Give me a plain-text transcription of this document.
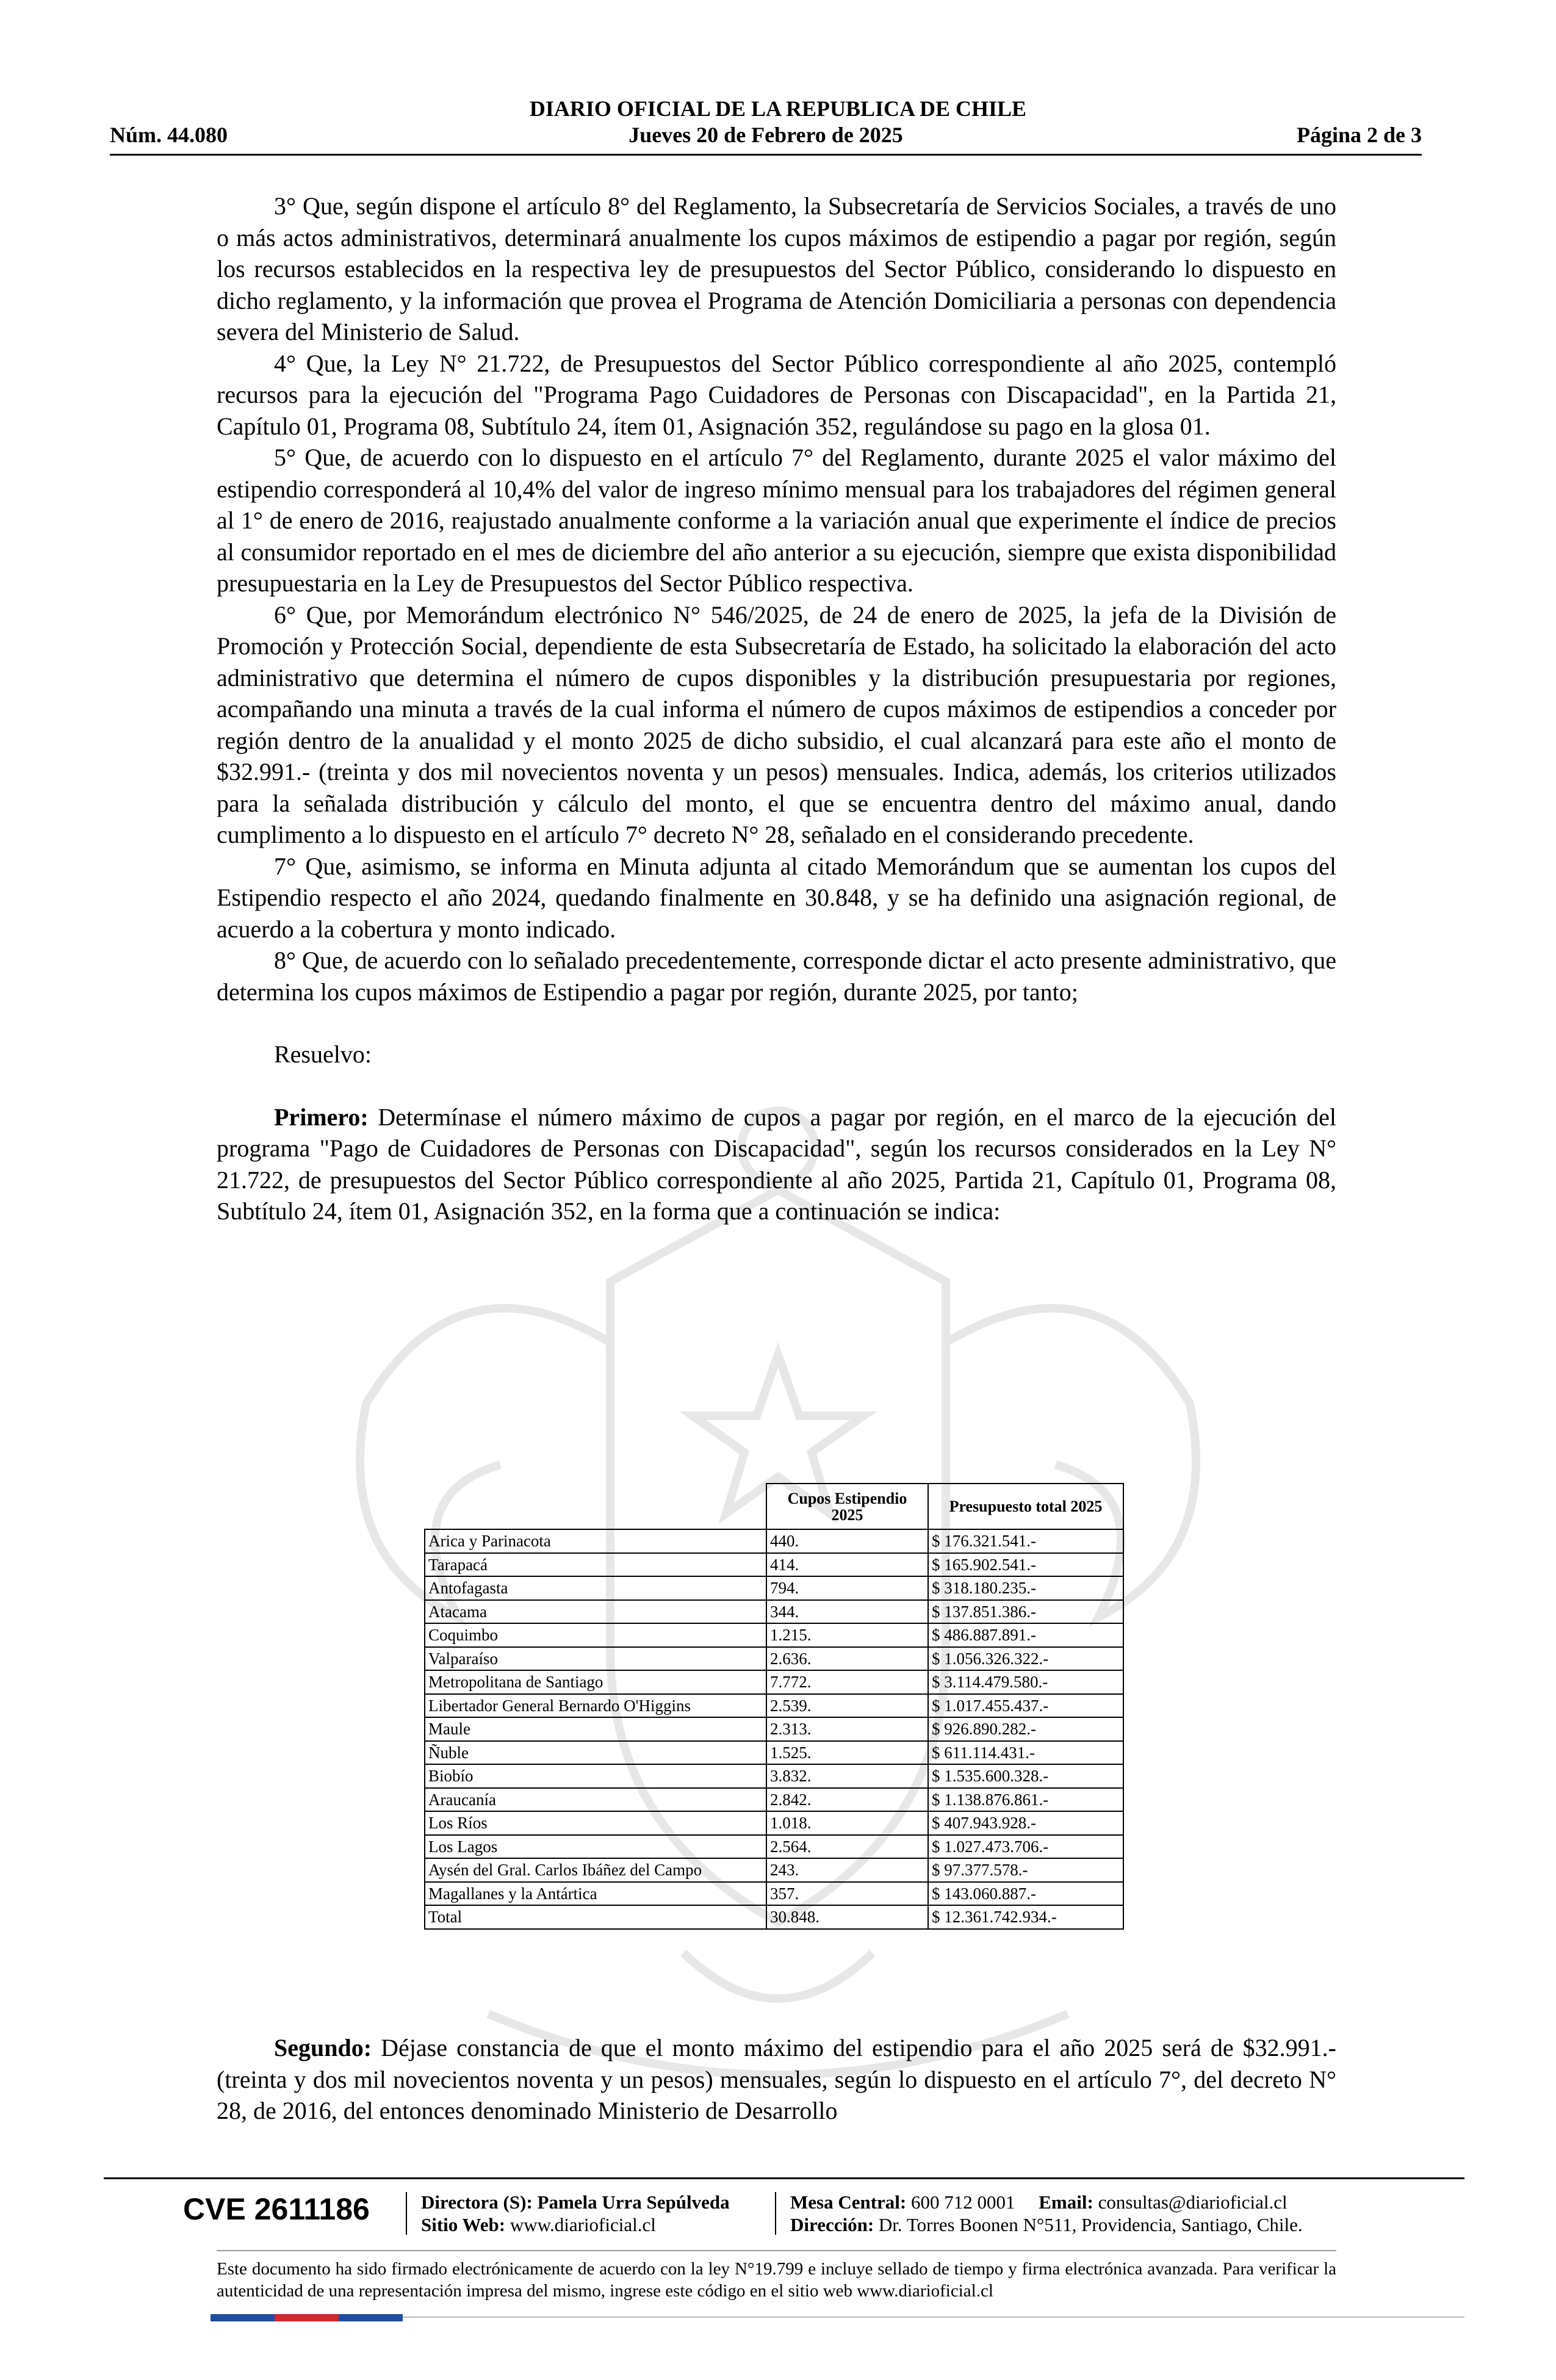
DIARIO OFICIAL DE LA REPUBLICA DE CHILE
Jueves 20 de Febrero de 2025
Núm. 44.080	Página 2 de 3

3° Que, según dispone el artículo 8° del Reglamento, la Subsecretaría de Servicios Sociales, a través de uno o más actos administrativos, determinará anualmente los cupos máximos de estipendio a pagar por región, según los recursos establecidos en la respectiva ley de presupuestos del Sector Público, considerando lo dispuesto en dicho reglamento, y la información que provea el Programa de Atención Domiciliaria a personas con dependencia severa del Ministerio de Salud.

4° Que, la Ley N° 21.722, de Presupuestos del Sector Público correspondiente al año 2025, contempló recursos para la ejecución del "Programa Pago Cuidadores de Personas con Discapacidad", en la Partida 21, Capítulo 01, Programa 08, Subtítulo 24, ítem 01, Asignación 352, regulándose su pago en la glosa 01.

5° Que, de acuerdo con lo dispuesto en el artículo 7° del Reglamento, durante 2025 el valor máximo del estipendio corresponderá al 10,4% del valor de ingreso mínimo mensual para los trabajadores del régimen general al 1° de enero de 2016, reajustado anualmente conforme a la variación anual que experimente el índice de precios al consumidor reportado en el mes de diciembre del año anterior a su ejecución, siempre que exista disponibilidad presupuestaria en la Ley de Presupuestos del Sector Público respectiva.

6° Que, por Memorándum electrónico N° 546/2025, de 24 de enero de 2025, la jefa de la División de Promoción y Protección Social, dependiente de esta Subsecretaría de Estado, ha solicitado la elaboración del acto administrativo que determina el número de cupos disponibles y la distribución presupuestaria por regiones, acompañando una minuta a través de la cual informa el número de cupos máximos de estipendios a conceder por región dentro de la anualidad y el monto 2025 de dicho subsidio, el cual alcanzará para este año el monto de $32.991.- (treinta y dos mil novecientos noventa y un pesos) mensuales. Indica, además, los criterios utilizados para la señalada distribución y cálculo del monto, el que se encuentra dentro del máximo anual, dando cumplimento a lo dispuesto en el artículo 7° decreto N° 28, señalado en el considerando precedente.

7° Que, asimismo, se informa en Minuta adjunta al citado Memorándum que se aumentan los cupos del Estipendio respecto el año 2024, quedando finalmente en 30.848, y se ha definido una asignación regional, de acuerdo a la cobertura y monto indicado.

8° Que, de acuerdo con lo señalado precedentemente, corresponde dictar el acto presente administrativo, que determina los cupos máximos de Estipendio a pagar por región, durante 2025, por tanto;

Resuelvo:

Primero: Determínase el número máximo de cupos a pagar por región, en el marco de la ejecución del programa "Pago de Cuidadores de Personas con Discapacidad", según los recursos considerados en la Ley N° 21.722, de presupuestos del Sector Público correspondiente al año 2025, Partida 21, Capítulo 01, Programa 08, Subtítulo 24, ítem 01, Asignación 352, en la forma que a continuación se indica:

	Cupos Estipendio 2025	Presupuesto total 2025
Arica y Parinacota	440.	$ 176.321.541.-
Tarapacá	414.	$ 165.902.541.-
Antofagasta	794.	$ 318.180.235.-
Atacama	344.	$ 137.851.386.-
Coquimbo	1.215.	$ 486.887.891.-
Valparaíso	2.636.	$ 1.056.326.322.-
Metropolitana de Santiago	7.772.	$ 3.114.479.580.-
Libertador General Bernardo O'Higgins	2.539.	$ 1.017.455.437.-
Maule	2.313.	$ 926.890.282.-
Ñuble	1.525.	$ 611.114.431.-
Biobío	3.832.	$ 1.535.600.328.-
Araucanía	2.842.	$ 1.138.876.861.-
Los Ríos	1.018.	$ 407.943.928.-
Los Lagos	2.564.	$ 1.027.473.706.-
Aysén del Gral. Carlos Ibáñez del Campo	243.	$ 97.377.578.-
Magallanes y la Antártica	357.	$ 143.060.887.-
Total	30.848.	$ 12.361.742.934.-

Segundo: Déjase constancia de que el monto máximo del estipendio para el año 2025 será de $32.991.- (treinta y dos mil novecientos noventa y un pesos) mensuales, según lo dispuesto en el artículo 7°, del decreto N° 28, de 2016, del entonces denominado Ministerio de Desarrollo

CVE 2611186	Directora (S): Pamela Urra Sepúlveda
Sitio Web: www.diarioficial.cl
Mesa Central: 600 712 0001 Email: consultas@diarioficial.cl
Dirección: Dr. Torres Boonen N°511, Providencia, Santiago, Chile.
Este documento ha sido firmado electrónicamente de acuerdo con la ley N°19.799 e incluye sellado de tiempo y firma electrónica avanzada. Para verificar la autenticidad de una representación impresa del mismo, ingrese este código en el sitio web www.diarioficial.cl
